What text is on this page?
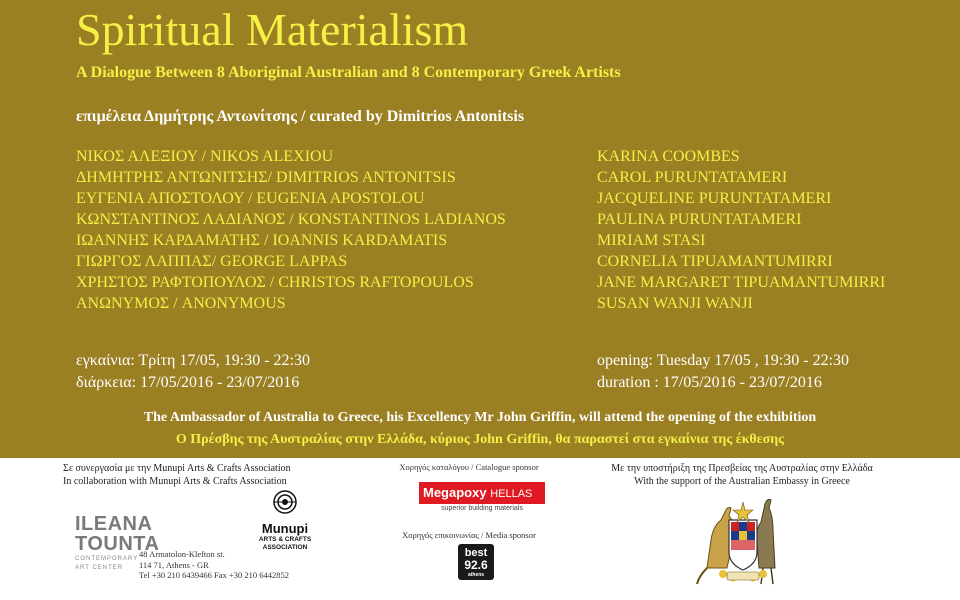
Spiritual Materialism
A Dialogue Between 8 Aboriginal Australian and 8 Contemporary Greek Artists
επιμέλεια Δημήτρης Αντωνίτσης / curated by Dimitrios Antonitsis
ΝΙΚΟΣ ΑΛΕΞΙΟΥ / NIKOS ALEXIOU
ΔΗΜΗΤΡΗΣ ΑΝΤΩΝΙΤΣΗΣ/ DIMITRIOS ANTONITSIS
ΕΥΓΕΝΙΑ ΑΠΟΣΤΟΛΟΥ / EUGENIA APOSTOLOU
ΚΩΝΣΤΑΝΤΙΝΟΣ ΛΑΔΙΑΝΟΣ / KONSTANTINOS LADIANOS
ΙΩΑΝΝΗΣ ΚΑΡΔΑΜΑΤΗΣ / IOANNIS KARDAMATIS
ΓΙΩΡΓΟΣ ΛΑΠΠΑΣ/ GEORGE LAPPAS
ΧΡΗΣΤΟΣ ΡΑΦΤΟΠΟΥΛΟΣ / CHRISTOS RAFTOPOULOS
ΑΝΩΝΥΜΟΣ / ANONYMOUS
KARINA COOMBES
CAROL PURUNTATAMERI
JACQUELINE PURUNTATAMERI
PAULINA PURUNTATAMERI
MIRIAM STASI
CORNELIA TIPUAMANTUMIRRI
JANE MARGARET TIPUAMANTUMIRRI
SUSAN WANJI WANJI
εγκαίνια: Τρίτη 17/05, 19:30 - 22:30
διάρκεια: 17/05/2016 - 23/07/2016
opening: Tuesday 17/05 , 19:30 - 22:30
duration : 17/05/2016 - 23/07/2016
The Ambassador of Australia to Greece, his Excellency Mr John Griffin, will attend the opening of the exhibition
Ο Πρέσβης της Αυστραλίας στην Ελλάδα, κύριος John Griffin, θα παραστεί στα εγκαίνια της έκθεσης
Σε συνεργασία με την Munupi Arts & Crafts Association
In collaboration with Munupi Arts & Crafts Association
ILEANA
TOUNTA
CONTEMPORARY
ART CENTER
Munupi
ARTS & CRAFTS
ASSOCIATION
48 Armatolon-Klefton st.
114 71, Athens - GR
Tel +30 210 6439466 Fax +30 210 6442852
Χορηγός καταλόγου / Catalogue sponsor
Megapoxy HELLAS
superior building materials
Χορηγός επικοινωνίας / Media sponsor
best
92.6
athens
Με την υποστήριξη της Πρεσβείας της Αυστραλίας στην Ελλάδα
With the support of the Australian Embassy in Greece
